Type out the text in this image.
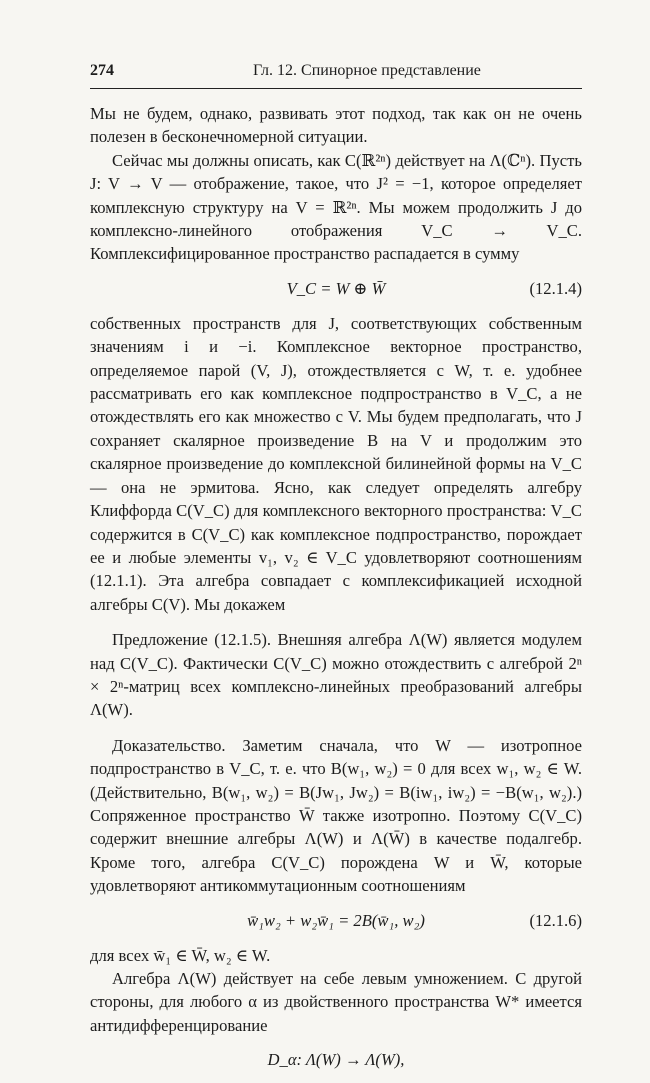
274	Гл. 12. Спинорное представление

Мы не будем, однако, развивать этот подход, так как он не очень полезен в бесконечномерной ситуации.

Сейчас мы должны описать, как C(ℝ²ⁿ) действует на Λ(ℂⁿ). Пусть J: V → V — отображение, такое, что J² = −1, которое определяет комплексную структуру на V = ℝ²ⁿ. Мы можем продолжить J до комплексно-линейного отображения V_C → V_C. Комплексифицированное пространство распадается в сумму

V_C = W ⊕ W̄	(12.1.4)

собственных пространств для J, соответствующих собственным значениям i и −i. Комплексное векторное пространство, определяемое парой (V, J), отождествляется с W, т. е. удобнее рассматривать его как комплексное подпространство в V_C, а не отождествлять его как множество с V. Мы будем предполагать, что J сохраняет скалярное произведение B на V и продолжим это скалярное произведение до комплексной билинейной формы на V_C — она не эрмитова. Ясно, как следует определять алгебру Клиффорда C(V_C) для комплексного векторного пространства: V_C содержится в C(V_C) как комплексное подпространство, порождает ее и любые элементы v₁, v₂ ∈ V_C удовлетворяют соотношениям (12.1.1). Эта алгебра совпадает с комплексификацией исходной алгебры C(V). Мы докажем

Предложение (12.1.5). Внешняя алгебра Λ(W) является модулем над C(V_C). Фактически C(V_C) можно отождествить с алгеброй 2ⁿ × 2ⁿ-матриц всех комплексно-линейных преобразований алгебры Λ(W).

Доказательство. Заметим сначала, что W — изотропное подпространство в V_C, т. е. что B(w₁, w₂) = 0 для всех w₁, w₂ ∈ W. (Действительно, B(w₁, w₂) = B(Jw₁, Jw₂) = B(iw₁, iw₂) = −B(w₁, w₂).) Сопряженное пространство W̄ также изотропно. Поэтому C(V_C) содержит внешние алгебры Λ(W) и Λ(W̄) в качестве подалгебр. Кроме того, алгебра C(V_C) порождена W и W̄, которые удовлетворяют антикоммутационным соотношениям

w̄₁w₂ + w₂w̄₁ = 2B(w̄₁, w₂)	(12.1.6)

для всех w̄₁ ∈ W̄, w₂ ∈ W.

Алгебра Λ(W) действует на себе левым умножением. С другой стороны, для любого α из двойственного пространства W* имеется антидифференцирование

D_α: Λ(W) → Λ(W),
